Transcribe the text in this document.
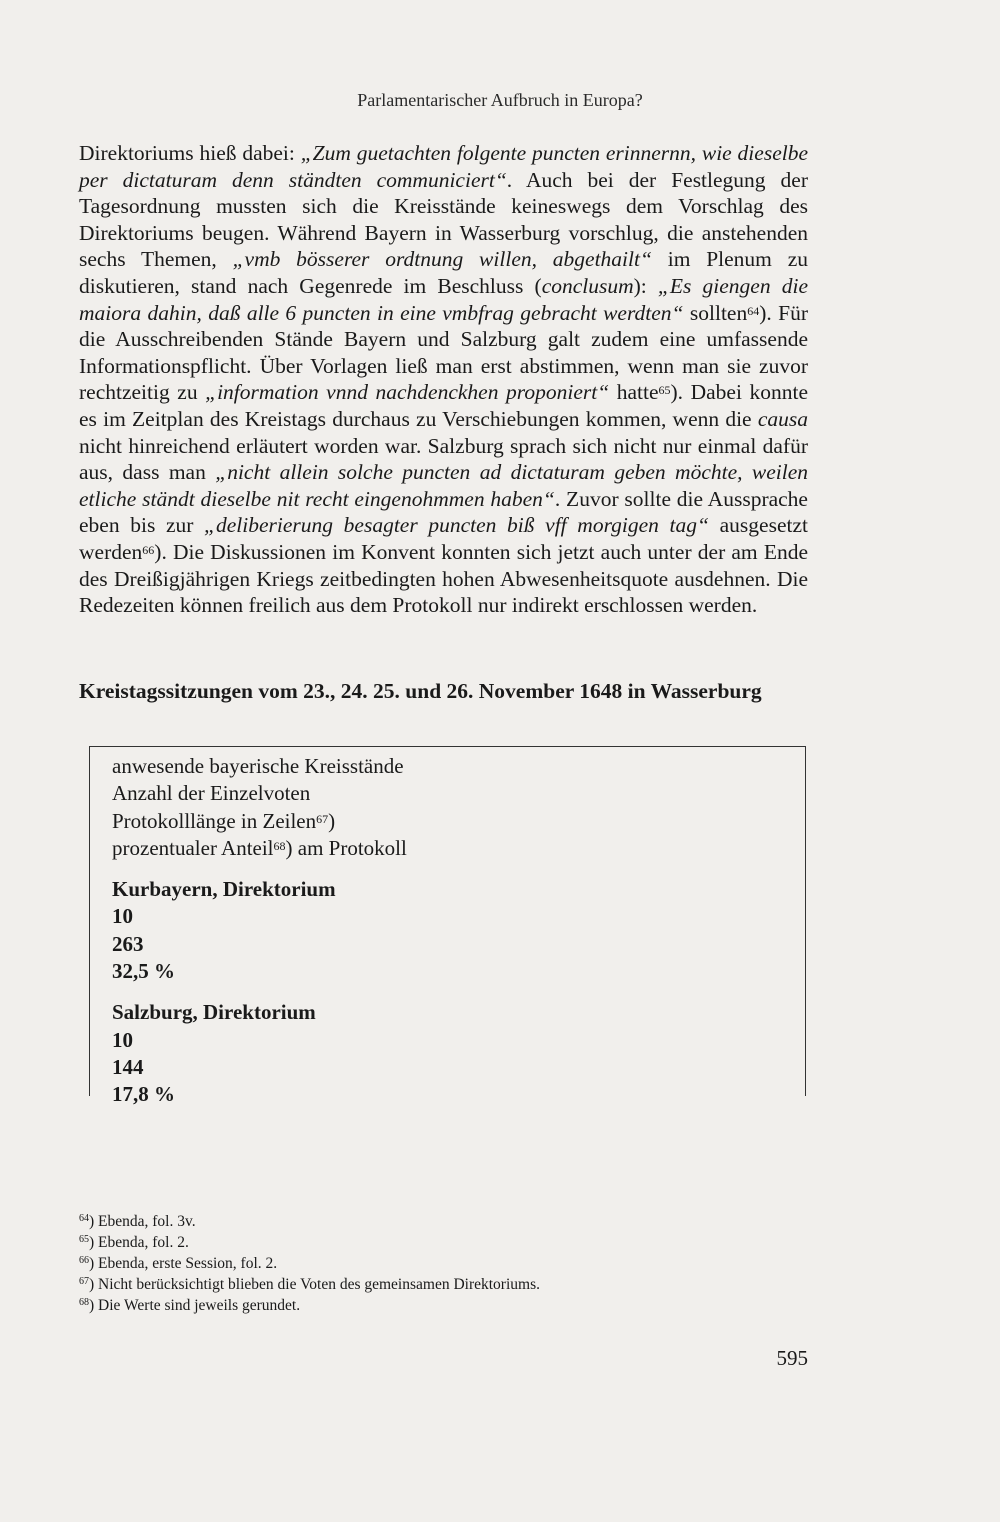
Parlamentarischer Aufbruch in Europa?

Direktoriums hieß dabei: „Zum guetachten folgente puncten erinnernn, wie dieselbe per dictaturam denn ständten communiciert“. Auch bei der Festlegung der Tagesordnung mussten sich die Kreisstände keineswegs dem Vorschlag des Direktoriums beugen. Während Bayern in Wasserburg vorschlug, die anstehenden sechs Themen, „vmb bösserer ordtnung willen, abgethailt“ im Plenum zu diskutieren, stand nach Gegenrede im Beschluss (conclusum): „Es giengen die maiora dahin, daß alle 6 puncten in eine vmbfrag gebracht werdten“ sollten$^{64}$). Für die Ausschreibenden Stände Bayern und Salzburg galt zudem eine umfassende Informationspflicht. Über Vorlagen ließ man erst abstimmen, wenn man sie zuvor rechtzeitig zu „information vnnd nachdenckhen proponiert“ hatte$^{65}$). Dabei konnte es im Zeitplan des Kreistags durchaus zu Verschiebungen kommen, wenn die causa nicht hinreichend erläutert worden war. Salzburg sprach sich nicht nur einmal dafür aus, dass man „nicht allein solche puncten ad dictaturam geben möchte, weilen etliche ständt dieselbe nit recht eingenohmmen haben“. Zuvor sollte die Aussprache eben bis zur „deliberierung besagter puncten biß vff morgigen tag“ ausgesetzt werden$^{66}$). Die Diskussionen im Konvent konnten sich jetzt auch unter der am Ende des Dreißigjährigen Kriegs zeitbedingten hohen Abwesenheitsquote ausdehnen. Die Redezeiten können freilich aus dem Protokoll nur indirekt erschlossen werden.

Kreistagssitzungen vom 23., 24. 25. und 26. November 1648 in Wasserburg
anwesende bayerische Kreisstände
Anzahl der Einzelvoten
Protokolllänge in Zeilen$^{67}$)
prozentualer Anteil$^{68}$) am Protokoll
Kurbayern, Direktorium
10
263
32,5 %
Salzburg, Direktorium
10
144
17,8 %
$^{64}$) Ebenda, fol. 3v.
$^{65}$) Ebenda, fol. 2.
$^{66}$) Ebenda, erste Session, fol. 2.
$^{67}$) Nicht berücksichtigt blieben die Voten des gemeinsamen Direktoriums.
$^{68}$) Die Werte sind jeweils gerundet.
595
